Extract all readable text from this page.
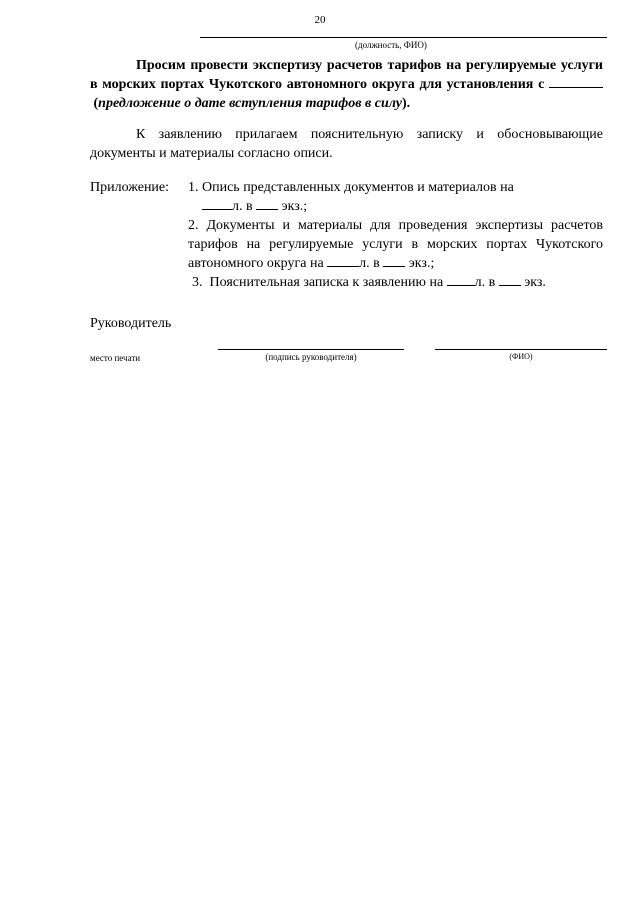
20
(должность, ФИО)

Просим провести экспертизу расчетов тарифов на регулируемые услуги в морских портах Чукотского автономного округа для установления с  (предложение о дате вступления тарифов в силу).

К заявлению прилагаем пояснительную записку и обосновывающие документы и материалы согласно описи.

Приложение: 1. Опись представленных документов и материалов на
л. в экз.;

2. Документы и материалы для проведения экспертизы расчетов тарифов на регулируемые услуги в морских портах Чукотского автономного округа на	л. в экз.;

3. Пояснительная записка к заявлению на л. в экз.

Руководитель
место печати	(подпись руководителя)	(ФИО)
